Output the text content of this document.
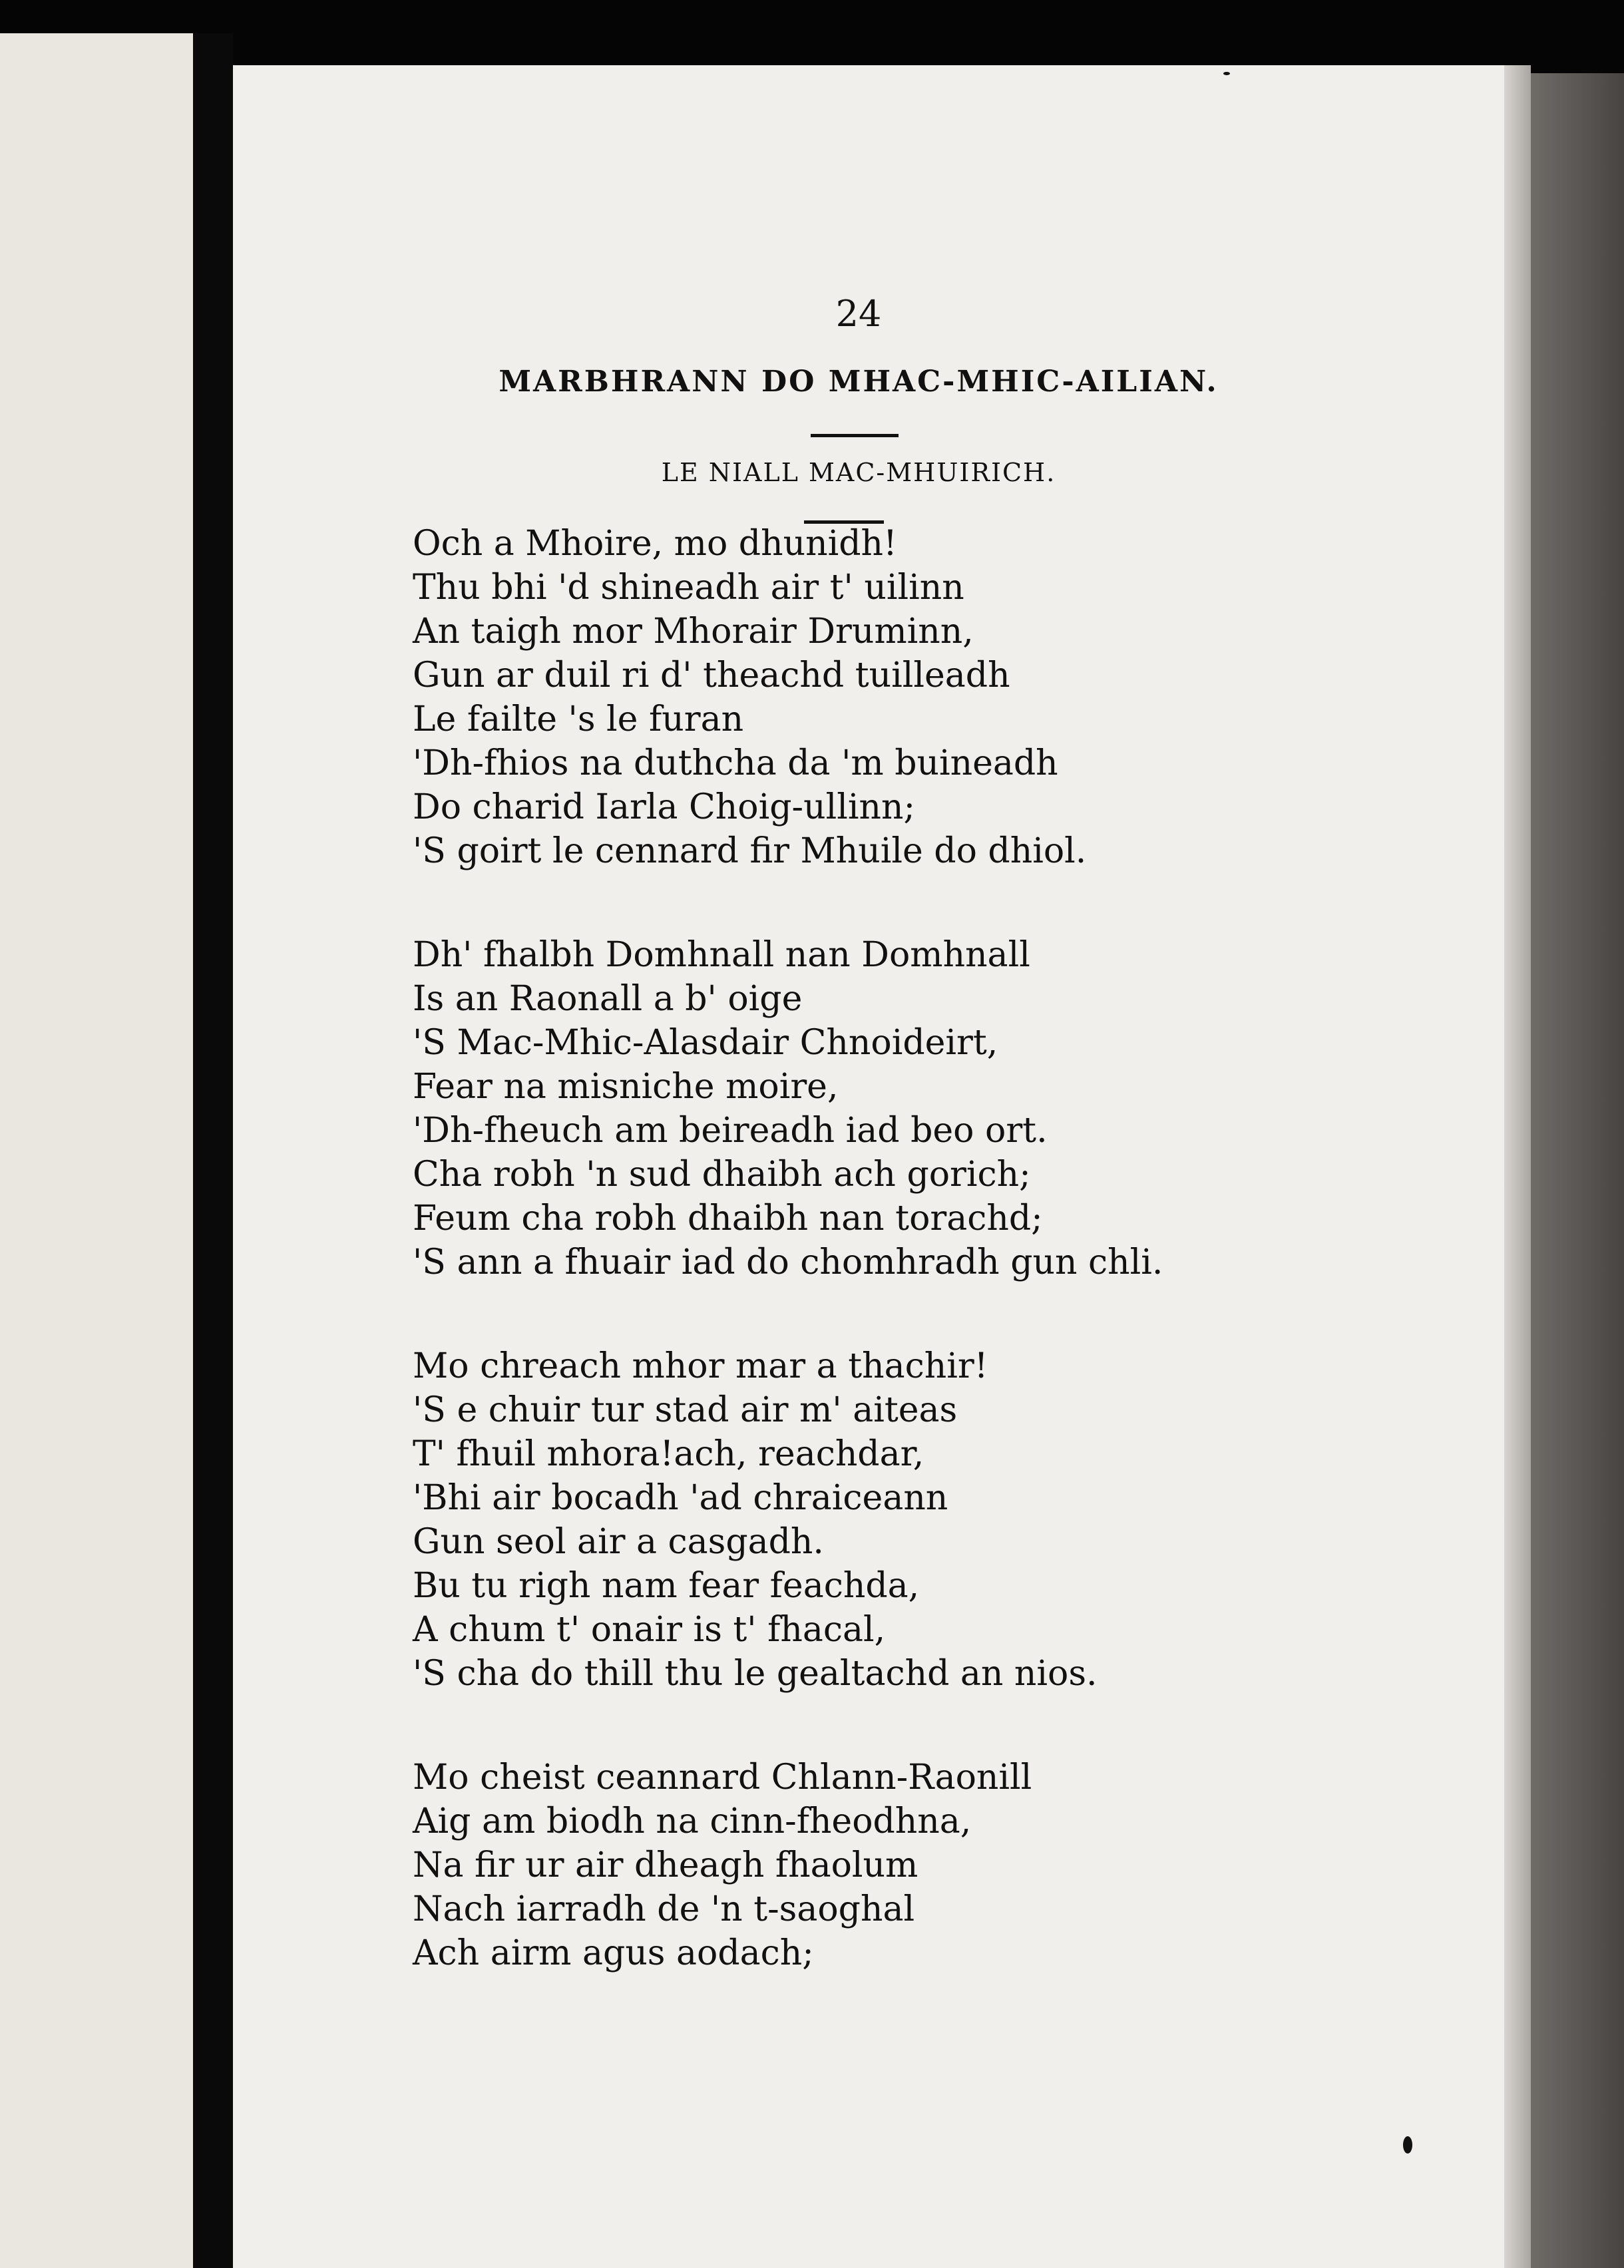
24
MARBHRANN DO MHAC-MHIC-AILIAN.
LE NIALL MAC-MHUIRICH.
Och a Mhoire, mo dhunidh!
Thu bhi 'd shineadh air t' uilinn
An taigh mor Mhorair Druminn,
Gun ar duil ri d' theachd tuilleadh
Le failte 's le furan
'Dh-fhios na duthcha da 'm buineadh
Do charid Iarla Choig-ullinn;
'S goirt le cennard fir Mhuile do dhiol.
Dh' fhalbh Domhnall nan Domhnall
Is an Raonall a b' oige
'S Mac-Mhic-Alasdair Chnoideirt,
Fear na misniche moire,
'Dh-fheuch am beireadh iad beo ort.
Cha robh 'n sud dhaibh ach gorich;
Feum cha robh dhaibh nan torachd;
'S ann a fhuair iad do chomhradh gun chli.
Mo chreach mhor mar a thachir!
'S e chuir tur stad air m' aiteas
T' fhuil mhora!ach, reachdar,
'Bhi air bocadh 'ad chraiceann
Gun seol air a casgadh.
Bu tu righ nam fear feachda,
A chum t' onair is t' fhacal,
'S cha do thill thu le gealtachd an nios.
Mo cheist ceannard Chlann-Raonill
Aig am biodh na cinn-fheodhna,
Na fir ur air dheagh fhaolum
Nach iarradh de 'n t-saoghal
Ach airm agus aodach;
